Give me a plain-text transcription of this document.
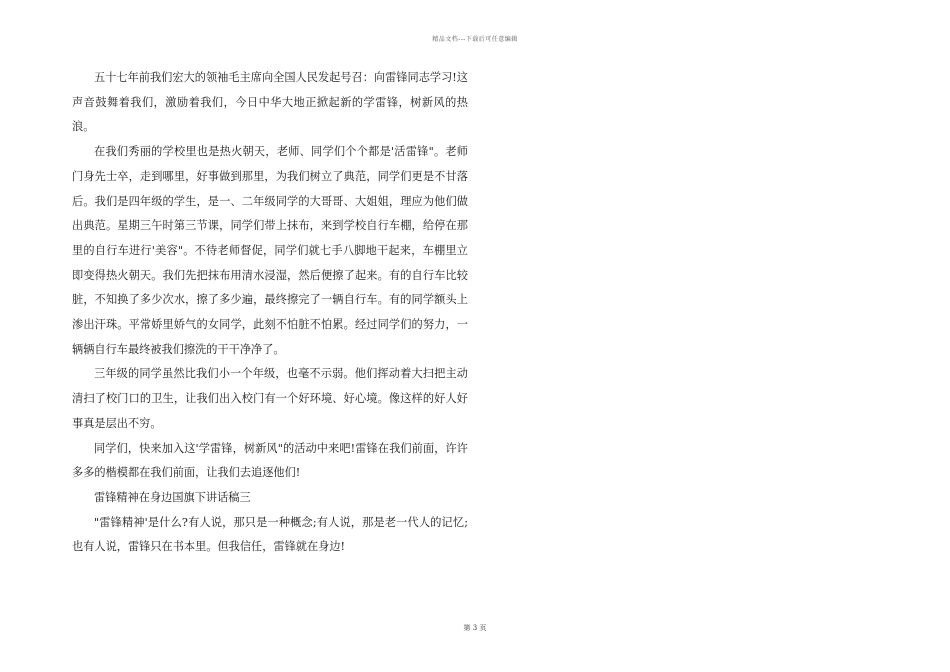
精品文档---下载后可任意编辑

五十七年前我们宏大的领袖毛主席向全国人民发起号召：向雷锋同志学习!这声音鼓舞着我们，激励着我们，今日中华大地正掀起新的学雷锋，树新风的热浪。

在我们秀丽的学校里也是热火朝天，老师、同学们个个都是'活雷锋"。老师门身先士卒，走到哪里，好事做到那里，为我们树立了典范，同学们更是不甘落后。我们是四年级的学生，是一、二年级同学的大哥哥、大姐姐，理应为他们做出典范。星期三午时第三节课，同学们带上抹布，来到学校自行车棚，给停在那里的自行车进行'美容"。不待老师督促，同学们就七手八脚地干起来，车棚里立即变得热火朝天。我们先把抹布用清水浸湿，然后便擦了起来。有的自行车比较脏，不知换了多少次水，擦了多少遍，最终擦完了一辆自行车。有的同学额头上渗出汗珠。平常娇里娇气的女同学，此刻不怕脏不怕累。经过同学们的努力，一辆辆自行车最终被我们擦洗的干干净净了。

三年级的同学虽然比我们小一个年级，也毫不示弱。他们挥动着大扫把主动清扫了校门口的卫生，让我们出入校门有一个好环境、好心境。像这样的好人好事真是层出不穷。

同学们，快来加入这'学雷锋，树新风"的活动中来吧!雷锋在我们前面，许许多多的楷模都在我们前面，让我们去追逐他们!

雷锋精神在身边国旗下讲话稿三

"雷锋精神'是什么?有人说，那只是一种概念;有人说，那是老一代人的记忆;也有人说，雷锋只在书本里。但我信任，雷锋就在身边!

第 3 页
